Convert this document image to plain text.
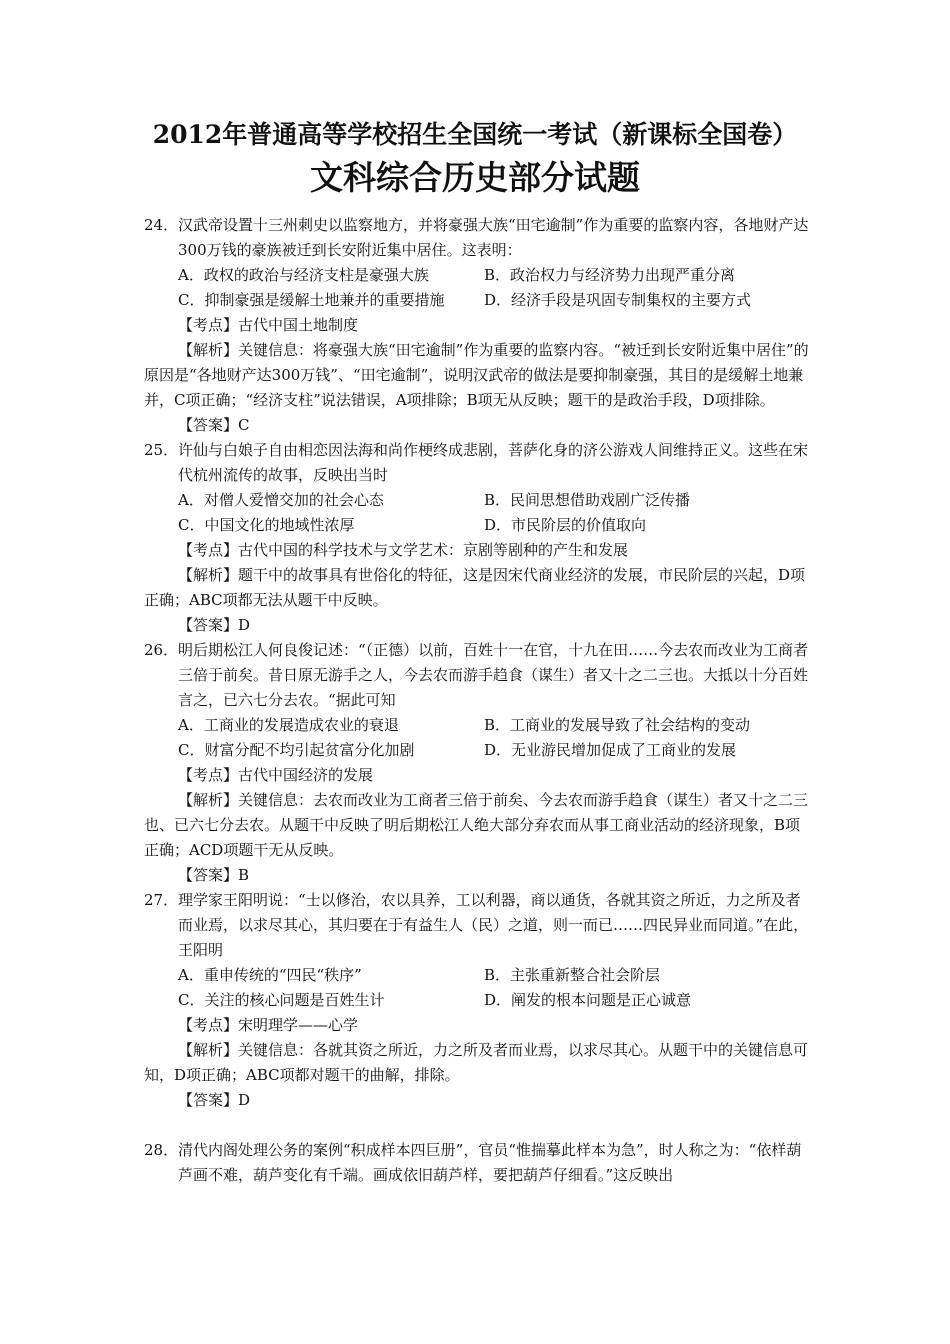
2012年普通高等学校招生全国统一考试（新课标全国卷）
文科综合历史部分试题
24． 汉武帝设置十三州刺史以监察地方，并将豪强大族“田宅逾制”作为重要的监察内容，各地财产达300万钱的豪族被迁到长安附近集中居住。这表明：
A．政权的政治与经济支柱是豪强大族	B．政治权力与经济势力出现严重分离
C．抑制豪强是缓解土地兼并的重要措施	D．经济手段是巩固专制集权的主要方式
【考点】古代中国土地制度
【解析】关键信息：将豪强大族“田宅逾制”作为重要的监察内容。“被迁到长安附近集中居住”的原因是“各地财产达300万钱”、“田宅逾制”，说明汉武帝的做法是要抑制豪强，其目的是缓解土地兼并，C项正确；“经济支柱”说法错误，A项排除；B项无从反映；题干的是政治手段，D项排除。
【答案】C
25． 许仙与白娘子自由相恋因法海和尚作梗终成悲剧，菩萨化身的济公游戏人间维持正义。这些在宋代杭州流传的故事，反映出当时
A．对僧人爱憎交加的社会心态	B．民间思想借助戏剧广泛传播
C．中国文化的地域性浓厚	D．市民阶层的价值取向
【考点】古代中国的科学技术与文学艺术：京剧等剧种的产生和发展
【解析】题干中的故事具有世俗化的特征，这是因宋代商业经济的发展，市民阶层的兴起，D项正确；ABC项都无法从题干中反映。
【答案】D
26． 明后期松江人何良俊记述：“（正德）以前，百姓十一在官，十九在田……今去农而改业为工商者三倍于前矣。昔日原无游手之人，今去农而游手趋食（谋生）者又十之二三也。大抵以十分百姓言之，已六七分去农。“据此可知
A．工商业的发展造成农业的衰退	B．工商业的发展导致了社会结构的变动
C．财富分配不均引起贫富分化加剧	D．无业游民增加促成了工商业的发展
【考点】古代中国经济的发展
【解析】关键信息：去农而改业为工商者三倍于前矣、今去农而游手趋食（谋生）者又十之二三也、已六七分去农。从题干中反映了明后期松江人绝大部分弃农而从事工商业活动的经济现象，B项正确；ACD项题干无从反映。
【答案】B
27． 理学家王阳明说：“士以修治，农以具养，工以利器，商以通货，各就其资之所近，力之所及者而业焉，以求尽其心，其归要在于有益生人（民）之道，则一而已……四民异业而同道。”在此，王阳明
A．重申传统的“四民“秩序”	B．主张重新整合社会阶层
C．关注的核心问题是百姓生计	D．阐发的根本问题是正心诚意
【考点】宋明理学——心学
【解析】关键信息：各就其资之所近，力之所及者而业焉，以求尽其心。从题干中的关键信息可知，D项正确；ABC项都对题干的曲解，排除。
【答案】D
28． 清代内阁处理公务的案例“积成样本四巨册”，官员“惟揣摹此样本为急”，时人称之为：“依样葫芦画不难，葫芦变化有千端。画成依旧葫芦样，要把葫芦仔细看。”这反映出
